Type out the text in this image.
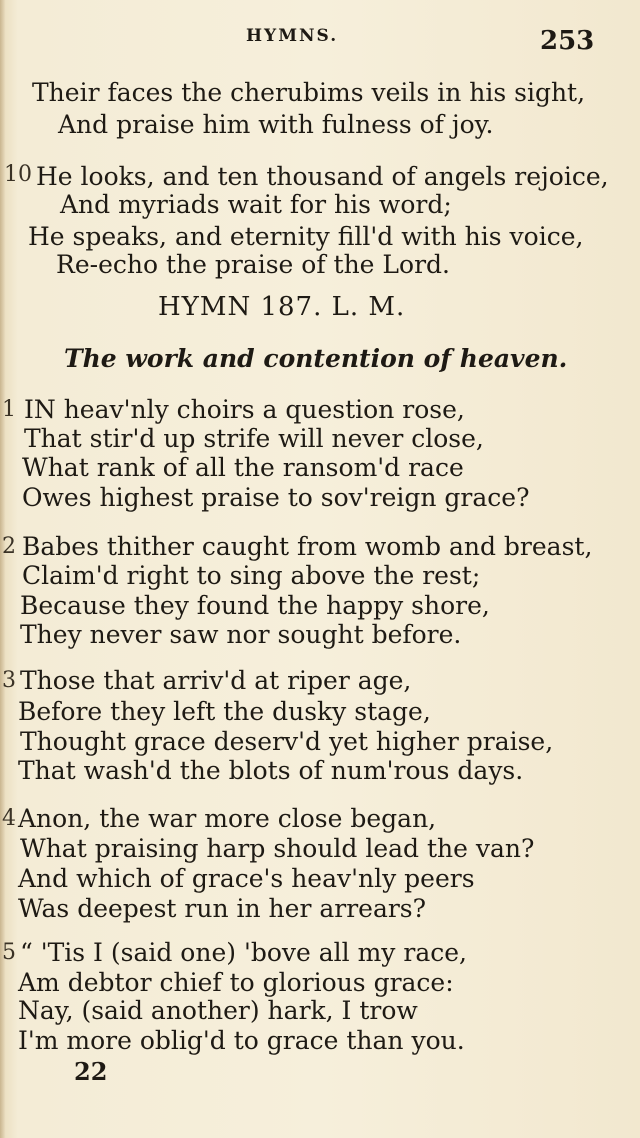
HYMNS.	253
Their faces the cherubims veils in his sight,
And praise him with fulness of joy.
10 He looks, and ten thousand of angels rejoice,
And myriads wait for his word;
He speaks, and eternity fill'd with his voice,
Re-echo the praise of the Lord.
HYMN 187. L. M.
The work and contention of heaven.
1 IN heav'nly choirs a question rose,
That stir'd up strife will never close,
What rank of all the ransom'd race
Owes highest praise to sov'reign grace?
2 Babes thither caught from womb and breast,
Claim'd right to sing above the rest;
Because they found the happy shore,
They never saw nor sought before.
3 Those that arriv'd at riper age,
Before they left the dusky stage,
Thought grace deserv'd yet higher praise,
That wash'd the blots of num'rous days.
4 Anon, the war more close began,
What praising harp should lead the van?
And which of grace's heav'nly peers
Was deepest run in her arrears?
5 “ 'Tis I (said one) 'bove all my race,
Am debtor chief to glorious grace:
Nay, (said another) hark, I trow
I'm more oblig'd to grace than you.
22
